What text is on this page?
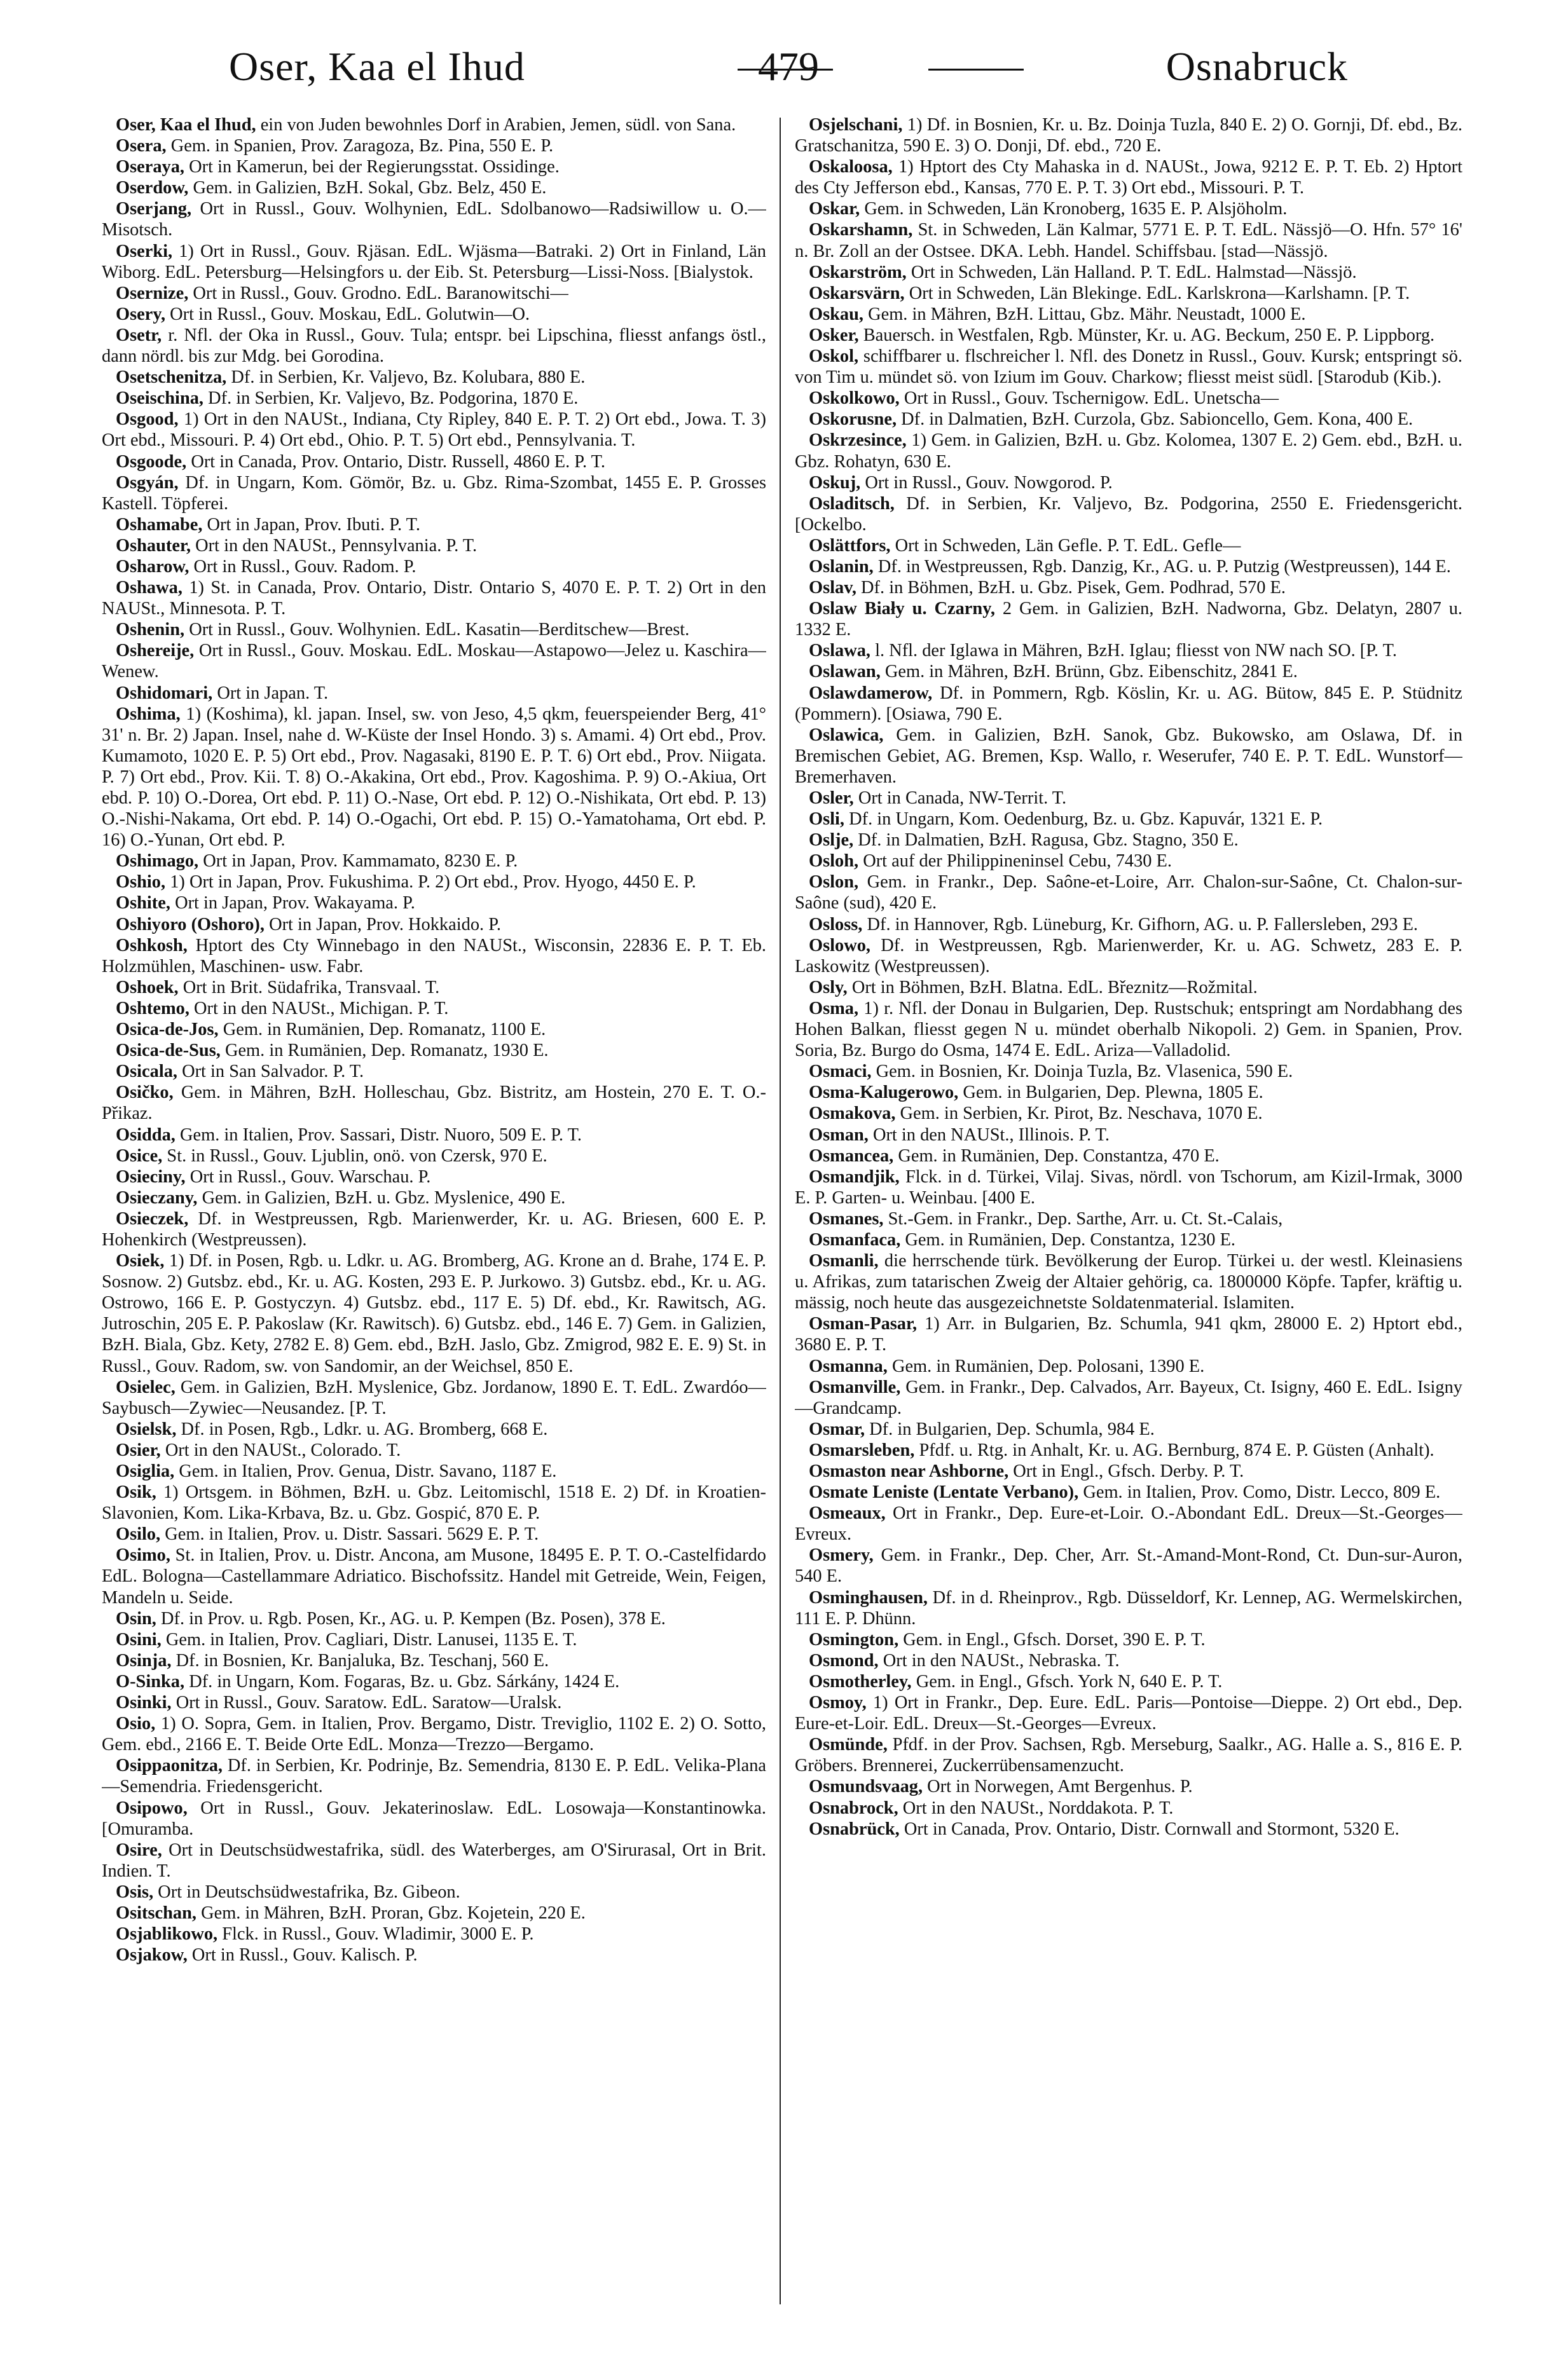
Oser, Kaa el Ihud	479	Osnabruck

Oser, Kaa el Ihud, ein von Juden bewohnles Dorf in Arabien, Jemen, südl. von Sana.

Osera, Gem. in Spanien, Prov. Zaragoza, Bz. Pina, 550 E. P.

Oseraya, Ort in Kamerun, bei der Regierungsstat. Ossidinge.

Oserdow, Gem. in Galizien, BzH. Sokal, Gbz. Belz, 450 E.

Oserjang, Ort in Russl., Gouv. Wolhynien, EdL. Sdolbanowo—Radsiwillow u. O.—Misotsch.

Oserki, 1) Ort in Russl., Gouv. Rjäsan. EdL. Wjäsma—Batraki. 2) Ort in Finland, Län Wiborg. EdL. Petersburg—Helsingfors u. der Eib. St. Petersburg—Lissi-Noss. [Bialystok.

Osernize, Ort in Russl., Gouv. Grodno. EdL. Baranowitschi—

Osery, Ort in Russl., Gouv. Moskau, EdL. Golutwin—O.

Osetr, r. Nfl. der Oka in Russl., Gouv. Tula; entspr. bei Lipschina, fliesst anfangs östl., dann nördl. bis zur Mdg. bei Gorodina.

Osetschenitza, Df. in Serbien, Kr. Valjevo, Bz. Kolubara, 880 E.

Oseischina, Df. in Serbien, Kr. Valjevo, Bz. Podgorina, 1870 E.

Osgood, 1) Ort in den NAUSt., Indiana, Cty Ripley, 840 E. P. T. 2) Ort ebd., Jowa. T. 3) Ort ebd., Missouri. P. 4) Ort ebd., Ohio. P. T. 5) Ort ebd., Pennsylvania. T.

Osgoode, Ort in Canada, Prov. Ontario, Distr. Russell, 4860 E. P. T.

Osgyán, Df. in Ungarn, Kom. Gömör, Bz. u. Gbz. Rima-Szombat, 1455 E. P. Grosses Kastell. Töpferei.

Oshamabe, Ort in Japan, Prov. Ibuti. P. T.

Oshauter, Ort in den NAUSt., Pennsylvania. P. T.

Osharow, Ort in Russl., Gouv. Radom. P.

Oshawa, 1) St. in Canada, Prov. Ontario, Distr. Ontario S, 4070 E. P. T. 2) Ort in den NAUSt., Minnesota. P. T.

Oshenin, Ort in Russl., Gouv. Wolhynien. EdL. Kasatin—Berditschew—Brest.

Oshereije, Ort in Russl., Gouv. Moskau. EdL. Moskau—Astapowo—Jelez u. Kaschira—Wenew.

Oshidomari, Ort in Japan. T.

Oshima, 1) (Koshima), kl. japan. Insel, sw. von Jeso, 4,5 qkm, feuerspeiender Berg, 41° 31' n. Br. 2) Japan. Insel, nahe d. W-Küste der Insel Hondo. 3) s. Amami. 4) Ort ebd., Prov. Kumamoto, 1020 E. P. 5) Ort ebd., Prov. Nagasaki, 8190 E. P. T. 6) Ort ebd., Prov. Niigata. P. 7) Ort ebd., Prov. Kii. T. 8) O.-Akakina, Ort ebd., Prov. Kagoshima. P. 9) O.-Akiua, Ort ebd. P. 10) O.-Dorea, Ort ebd. P. 11) O.-Nase, Ort ebd. P. 12) O.-Nishikata, Ort ebd. P. 13) O.-Nishi-Nakama, Ort ebd. P. 14) O.-Ogachi, Ort ebd. P. 15) O.-Yamatohama, Ort ebd. P. 16) O.-Yunan, Ort ebd. P.

Oshimago, Ort in Japan, Prov. Kammamato, 8230 E. P.

Oshio, 1) Ort in Japan, Prov. Fukushima. P. 2) Ort ebd., Prov. Hyogo, 4450 E. P.

Oshite, Ort in Japan, Prov. Wakayama. P.

Oshiyoro (Oshoro), Ort in Japan, Prov. Hokkaido. P.

Oshkosh, Hptort des Cty Winnebago in den NAUSt., Wisconsin, 22836 E. P. T. Eb. Holzmühlen, Maschinen- usw. Fabr.

Oshoek, Ort in Brit. Südafrika, Transvaal. T.

Oshtemo, Ort in den NAUSt., Michigan. P. T.

Osica-de-Jos, Gem. in Rumänien, Dep. Romanatz, 1100 E.

Osica-de-Sus, Gem. in Rumänien, Dep. Romanatz, 1930 E.

Osicala, Ort in San Salvador. P. T.

Osičko, Gem. in Mähren, BzH. Holleschau, Gbz. Bistritz, am Hostein, 270 E. T. O.-Přikaz.

Osidda, Gem. in Italien, Prov. Sassari, Distr. Nuoro, 509 E. P. T.

Osice, St. in Russl., Gouv. Ljublin, onö. von Czersk, 970 E.

Osieciny, Ort in Russl., Gouv. Warschau. P.

Osieczany, Gem. in Galizien, BzH. u. Gbz. Myslenice, 490 E.

Osieczek, Df. in Westpreussen, Rgb. Marienwerder, Kr. u. AG. Briesen, 600 E. P. Hohenkirch (Westpreussen).

Osiek, 1) Df. in Posen, Rgb. u. Ldkr. u. AG. Bromberg, AG. Krone an d. Brahe, 174 E. P. Sosnow. 2) Gutsbz. ebd., Kr. u. AG. Kosten, 293 E. P. Jurkowo. 3) Gutsbz. ebd., Kr. u. AG. Ostrowo, 166 E. P. Gostyczyn. 4) Gutsbz. ebd., 117 E. 5) Df. ebd., Kr. Rawitsch, AG. Jutroschin, 205 E. P. Pakoslaw (Kr. Rawitsch). 6) Gutsbz. ebd., 146 E. 7) Gem. in Galizien, BzH. Biala, Gbz. Kety, 2782 E. 8) Gem. ebd., BzH. Jaslo, Gbz. Zmigrod, 982 E. E. 9) St. in Russl., Gouv. Radom, sw. von Sandomir, an der Weichsel, 850 E.

Osielec, Gem. in Galizien, BzH. Myslenice, Gbz. Jordanow, 1890 E. T. EdL. Zwardóo—Saybusch—Zywiec—Neusandez. [P. T.

Osielsk, Df. in Posen, Rgb., Ldkr. u. AG. Bromberg, 668 E.

Osier, Ort in den NAUSt., Colorado. T.

Osiglia, Gem. in Italien, Prov. Genua, Distr. Savano, 1187 E.

Osik, 1) Ortsgem. in Böhmen, BzH. u. Gbz. Leitomischl, 1518 E. 2) Df. in Kroatien-Slavonien, Kom. Lika-Krbava, Bz. u. Gbz. Gospić, 870 E. P.

Osilo, Gem. in Italien, Prov. u. Distr. Sassari. 5629 E. P. T.

Osimo, St. in Italien, Prov. u. Distr. Ancona, am Musone, 18495 E. P. T. O.-Castelfidardo EdL. Bologna—Castellammare Adriatico. Bischofssitz. Handel mit Getreide, Wein, Feigen, Mandeln u. Seide.

Osin, Df. in Prov. u. Rgb. Posen, Kr., AG. u. P. Kempen (Bz. Posen), 378 E.

Osini, Gem. in Italien, Prov. Cagliari, Distr. Lanusei, 1135 E. T.

Osinja, Df. in Bosnien, Kr. Banjaluka, Bz. Teschanj, 560 E.

O-Sinka, Df. in Ungarn, Kom. Fogaras, Bz. u. Gbz. Sárkány, 1424 E.

Osinki, Ort in Russl., Gouv. Saratow. EdL. Saratow—Uralsk.

Osio, 1) O. Sopra, Gem. in Italien, Prov. Bergamo, Distr. Treviglio, 1102 E. 2) O. Sotto, Gem. ebd., 2166 E. T. Beide Orte EdL. Monza—Trezzo—Bergamo.

Osippaonitza, Df. in Serbien, Kr. Podrinje, Bz. Semendria, 8130 E. P. EdL. Velika-Plana—Semendria. Friedensgericht.

Osipowo, Ort in Russl., Gouv. Jekaterinoslaw. EdL. Losowaja—Konstantinowka. [Omuramba.

Osire, Ort in Deutschsüdwestafrika, südl. des Waterberges, am O'Sirurasal, Ort in Brit. Indien. T.

Osis, Ort in Deutschsüdwestafrika, Bz. Gibeon.

Ositschan, Gem. in Mähren, BzH. Proran, Gbz. Kojetein, 220 E.

Osjablikowo, Flck. in Russl., Gouv. Wladimir, 3000 E. P.

Osjakow, Ort in Russl., Gouv. Kalisch. P.

Osjelschani, 1) Df. in Bosnien, Kr. u. Bz. Doinja Tuzla, 840 E. 2) O. Gornji, Df. ebd., Bz. Gratschanitza, 590 E. 3) O. Donji, Df. ebd., 720 E.

Oskaloosa, 1) Hptort des Cty Mahaska in d. NAUSt., Jowa, 9212 E. P. T. Eb. 2) Hptort des Cty Jefferson ebd., Kansas, 770 E. P. T. 3) Ort ebd., Missouri. P. T.

Oskar, Gem. in Schweden, Län Kronoberg, 1635 E. P. Alsjöholm.

Oskarshamn, St. in Schweden, Län Kalmar, 5771 E. P. T. EdL. Nässjö—O. Hfn. 57° 16' n. Br. Zoll an der Ostsee. DKA. Lebh. Handel. Schiffsbau. [stad—Nässjö.

Oskarström, Ort in Schweden, Län Halland. P. T. EdL. Halmstad—Nässjö.

Oskarsvärn, Ort in Schweden, Län Blekinge. EdL. Karlskrona—Karlshamn. [P. T.

Oskau, Gem. in Mähren, BzH. Littau, Gbz. Mähr. Neustadt, 1000 E.

Osker, Bauersch. in Westfalen, Rgb. Münster, Kr. u. AG. Beckum, 250 E. P. Lippborg.

Oskol, schiffbarer u. flschreicher l. Nfl. des Donetz in Russl., Gouv. Kursk; entspringt sö. von Tim u. mündet sö. von Izium im Gouv. Charkow; fliesst meist südl. [Starodub (Kib.).

Oskolkowo, Ort in Russl., Gouv. Tschernigow. EdL. Unetscha—

Oskorusne, Df. in Dalmatien, BzH. Curzola, Gbz. Sabioncello, Gem. Kona, 400 E.

Oskrzesince, 1) Gem. in Galizien, BzH. u. Gbz. Kolomea, 1307 E. 2) Gem. ebd., BzH. u. Gbz. Rohatyn, 630 E.

Oskuj, Ort in Russl., Gouv. Nowgorod. P.

Osladitsch, Df. in Serbien, Kr. Valjevo, Bz. Podgorina, 2550 E. Friedensgericht. [Ockelbo.

Oslättfors, Ort in Schweden, Län Gefle. P. T. EdL. Gefle—

Oslanin, Df. in Westpreussen, Rgb. Danzig, Kr., AG. u. P. Putzig (Westpreussen), 144 E.

Oslav, Df. in Böhmen, BzH. u. Gbz. Pisek, Gem. Podhrad, 570 E.

Oslaw Biały u. Czarny, 2 Gem. in Galizien, BzH. Nadworna, Gbz. Delatyn, 2807 u. 1332 E.

Oslawa, l. Nfl. der Iglawa in Mähren, BzH. Iglau; fliesst von NW nach SO. [P. T.

Oslawan, Gem. in Mähren, BzH. Brünn, Gbz. Eibenschitz, 2841 E.

Oslawdamerow, Df. in Pommern, Rgb. Köslin, Kr. u. AG. Bütow, 845 E. P. Stüdnitz (Pommern). [Osiawa, 790 E.

Oslawica, Gem. in Galizien, BzH. Sanok, Gbz. Bukowsko, am Oslawa, Df. in Bremischen Gebiet, AG. Bremen, Ksp. Wallo, r. Weserufer, 740 E. P. T. EdL. Wunstorf—Bremerhaven.

Osler, Ort in Canada, NW-Territ. T.

Osli, Df. in Ungarn, Kom. Oedenburg, Bz. u. Gbz. Kapuvár, 1321 E. P.

Oslje, Df. in Dalmatien, BzH. Ragusa, Gbz. Stagno, 350 E.

Osloh, Ort auf der Philippineninsel Cebu, 7430 E.

Oslon, Gem. in Frankr., Dep. Saône-et-Loire, Arr. Chalon-sur-Saône, Ct. Chalon-sur-Saône (sud), 420 E.

Osloss, Df. in Hannover, Rgb. Lüneburg, Kr. Gifhorn, AG. u. P. Fallersleben, 293 E.

Oslowo, Df. in Westpreussen, Rgb. Marienwerder, Kr. u. AG. Schwetz, 283 E. P. Laskowitz (Westpreussen).

Osly, Ort in Böhmen, BzH. Blatna. EdL. Březnitz—Rožmital.

Osma, 1) r. Nfl. der Donau in Bulgarien, Dep. Rustschuk; entspringt am Nordabhang des Hohen Balkan, fliesst gegen N u. mündet oberhalb Nikopoli. 2) Gem. in Spanien, Prov. Soria, Bz. Burgo do Osma, 1474 E. EdL. Ariza—Valladolid.

Osmaci, Gem. in Bosnien, Kr. Doinja Tuzla, Bz. Vlasenica, 590 E.

Osma-Kalugerowo, Gem. in Bulgarien, Dep. Plewna, 1805 E.

Osmakova, Gem. in Serbien, Kr. Pirot, Bz. Neschava, 1070 E.

Osman, Ort in den NAUSt., Illinois. P. T.

Osmancea, Gem. in Rumänien, Dep. Constantza, 470 E.

Osmandjik, Flck. in d. Türkei, Vilaj. Sivas, nördl. von Tschorum, am Kizil-Irmak, 3000 E. P. Garten- u. Weinbau. [400 E.

Osmanes, St.-Gem. in Frankr., Dep. Sarthe, Arr. u. Ct. St.-Calais,

Osmanfaca, Gem. in Rumänien, Dep. Constantza, 1230 E.

Osmanli, die herrschende türk. Bevölkerung der Europ. Türkei u. der westl. Kleinasiens u. Afrikas, zum tatarischen Zweig der Altaier gehörig, ca. 1800000 Köpfe. Tapfer, kräftig u. mässig, noch heute das ausgezeichnetste Soldatenmaterial. Islamiten.

Osman-Pasar, 1) Arr. in Bulgarien, Bz. Schumla, 941 qkm, 28000 E. 2) Hptort ebd., 3680 E. P. T.

Osmanna, Gem. in Rumänien, Dep. Polosani, 1390 E.

Osmanville, Gem. in Frankr., Dep. Calvados, Arr. Bayeux, Ct. Isigny, 460 E. EdL. Isigny—Grandcamp.

Osmar, Df. in Bulgarien, Dep. Schumla, 984 E.

Osmarsleben, Pfdf. u. Rtg. in Anhalt, Kr. u. AG. Bernburg, 874 E. P. Güsten (Anhalt).

Osmaston near Ashborne, Ort in Engl., Gfsch. Derby. P. T.

Osmate Leniste (Lentate Verbano), Gem. in Italien, Prov. Como, Distr. Lecco, 809 E.

Osmeaux, Ort in Frankr., Dep. Eure-et-Loir. O.-Abondant EdL. Dreux—St.-Georges—Evreux.

Osmery, Gem. in Frankr., Dep. Cher, Arr. St.-Amand-Mont-Rond, Ct. Dun-sur-Auron, 540 E.

Osminghausen, Df. in d. Rheinprov., Rgb. Düsseldorf, Kr. Lennep, AG. Wermelskirchen, 111 E. P. Dhünn.

Osmington, Gem. in Engl., Gfsch. Dorset, 390 E. P. T.

Osmond, Ort in den NAUSt., Nebraska. T.

Osmotherley, Gem. in Engl., Gfsch. York N, 640 E. P. T.

Osmoy, 1) Ort in Frankr., Dep. Eure. EdL. Paris—Pontoise—Dieppe. 2) Ort ebd., Dep. Eure-et-Loir. EdL. Dreux—St.-Georges—Evreux.

Osmünde, Pfdf. in der Prov. Sachsen, Rgb. Merseburg, Saalkr., AG. Halle a. S., 816 E. P. Gröbers. Brennerei, Zuckerrübensamenzucht.

Osmundsvaag, Ort in Norwegen, Amt Bergenhus. P.

Osnabrock, Ort in den NAUSt., Norddakota. P. T.

Osnabrück, Ort in Canada, Prov. Ontario, Distr. Cornwall and Stormont, 5320 E.
